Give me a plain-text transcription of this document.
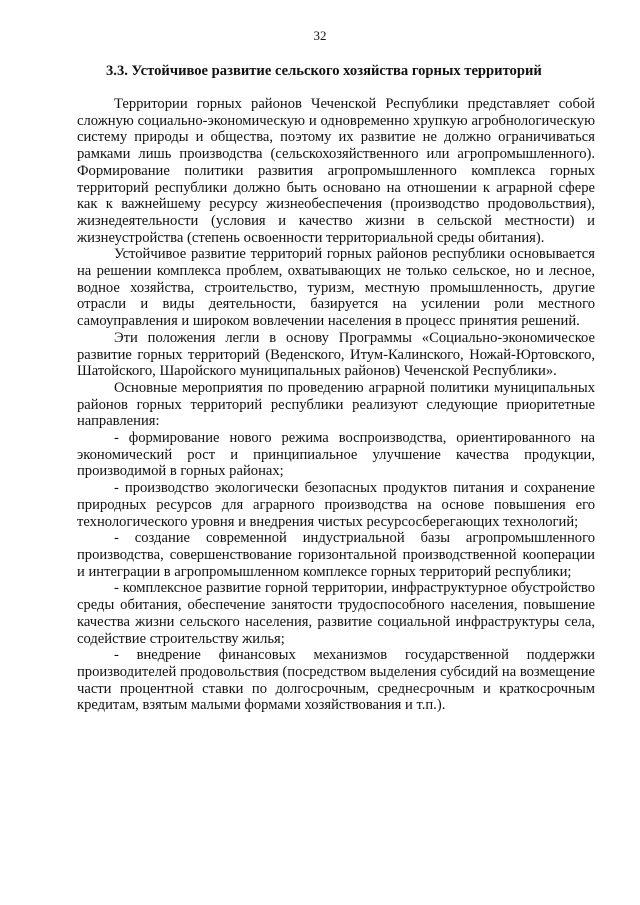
32
3.3. Устойчивое развитие сельского хозяйства горных территорий

Территории горных районов Чеченской Республики представляет собой сложную социально-экономическую и одновременно хрупкую агробнологическую систему природы и общества, поэтому их развитие не должно ограничиваться рамками лишь производства (сельскохозяйственного или агропромышленного). Формирование политики развития агропромышленного комплекса горных территорий республики должно быть основано на отношении к аграрной сфере как к важнейшему ресурсу жизнеобеспечения (производство продовольствия), жизнедеятельности (условия и качество жизни в сельской местности) и жизнеустройства (степень освоенности территориальной среды обитания).

Устойчивое развитие территорий горных районов республики основывается на решении комплекса проблем, охватывающих не только сельское, но и лесное, водное хозяйства, строительство, туризм, местную промышленность, другие отрасли и виды деятельности, базируется на усилении роли местного самоуправления и широком вовлечении населения в процесс принятия решений.

Эти положения легли в основу Программы «Социально-экономическое развитие горных территорий (Веденского, Итум-Калинского, Ножай-Юртовского, Шатойского, Шаройского муниципальных районов) Чеченской Республики».

Основные мероприятия по проведению аграрной политики муниципальных районов горных территорий республики реализуют следующие приоритетные направления:

- формирование нового режима воспроизводства, ориентированного на экономический рост и принципиальное улучшение качества продукции, производимой в горных районах;

- производство экологически безопасных продуктов питания и сохранение природных ресурсов для аграрного производства на основе повышения его технологического уровня и внедрения чистых ресурсосберегающих технологий;

- создание современной индустриальной базы агропромышленного производства, совершенствование горизонтальной производственной кооперации и интеграции в агропромышленном комплексе горных территорий республики;

- комплексное развитие горной территории, инфраструктурное обустройство среды обитания, обеспечение занятости трудоспособного населения, повышение качества жизни сельского населения, развитие социальной инфраструктуры села, содействие строительству жилья;

- внедрение финансовых механизмов государственной поддержки производителей продовольствия (посредством выделения субсидий на возмещение части процентной ставки по долгосрочным, среднесрочным и краткосрочным кредитам, взятым малыми формами хозяйствования и т.п.).
